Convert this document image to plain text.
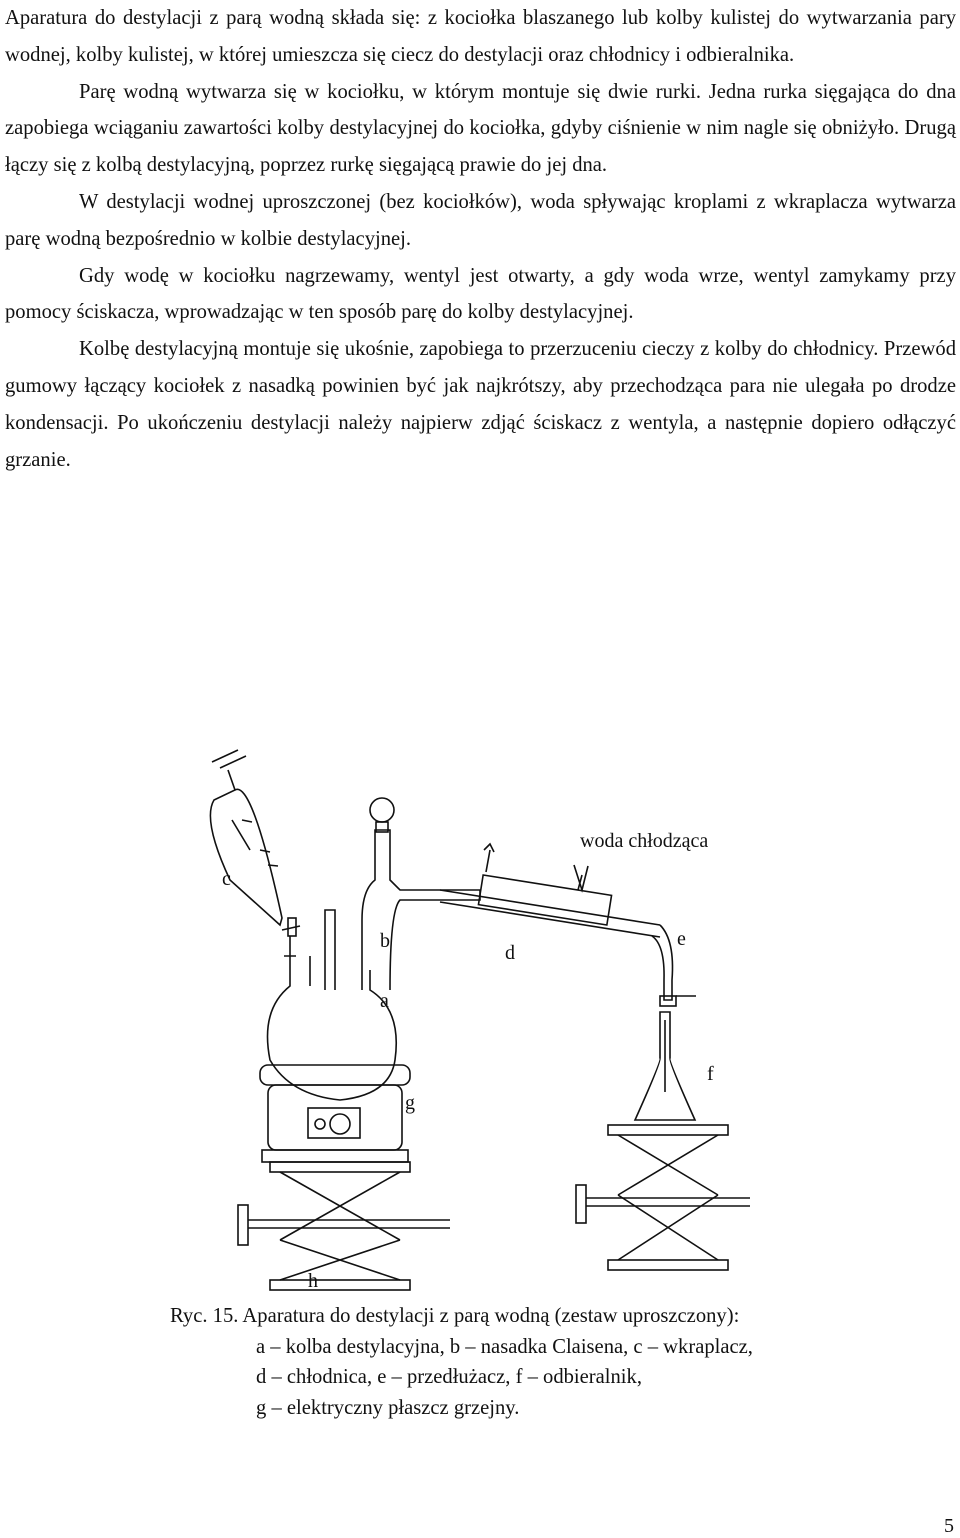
Aparatura do destylacji z parą wodną składa się: z kociołka blaszanego lub kolby kulistej do wytwarzania pary wodnej, kolby kulistej, w której umieszcza się ciecz do destylacji oraz chłodnicy i odbieralnika.

Parę wodną wytwarza się w kociołku, w którym montuje się dwie rurki. Jedna rurka sięgająca do dna zapobiega wciąganiu zawartości kolby destylacyjnej do kociołka, gdyby ciśnienie w nim nagle się obniżyło. Drugą łączy się z kolbą destylacyjną, poprzez rurkę sięgającą prawie do jej dna.

W destylacji wodnej uproszczonej (bez kociołków), woda spływając kroplami z wkraplacza wytwarza parę wodną bezpośrednio w kolbie destylacyjnej.

Gdy wodę w kociołku nagrzewamy, wentyl jest otwarty, a gdy woda wrze, wentyl zamykamy przy pomocy ściskacza, wprowadzając w ten sposób parę do kolby destylacyjnej.

Kolbę destylacyjną montuje się ukośnie, zapobiega to przerzuceniu cieczy z kolby do chłodnicy. Przewód gumowy łączący kociołek z nasadką powinien być jak najkrótszy, aby przechodząca para nie ulegała po drodze kondensacji. Po ukończeniu destylacji należy najpierw zdjąć ściskacz z wentyla, a następnie dopiero odłączyć grzanie.

woda chłodząca
a
b
c
d
e
f
g
h
Ryc. 15. Aparatura do destylacji z parą wodną (zestaw uproszczony):
a – kolba destylacyjna, b – nasadka Claisena, c – wkraplacz,
d – chłodnica, e – przedłużacz, f – odbieralnik,
g – elektryczny płaszcz grzejny.
5
